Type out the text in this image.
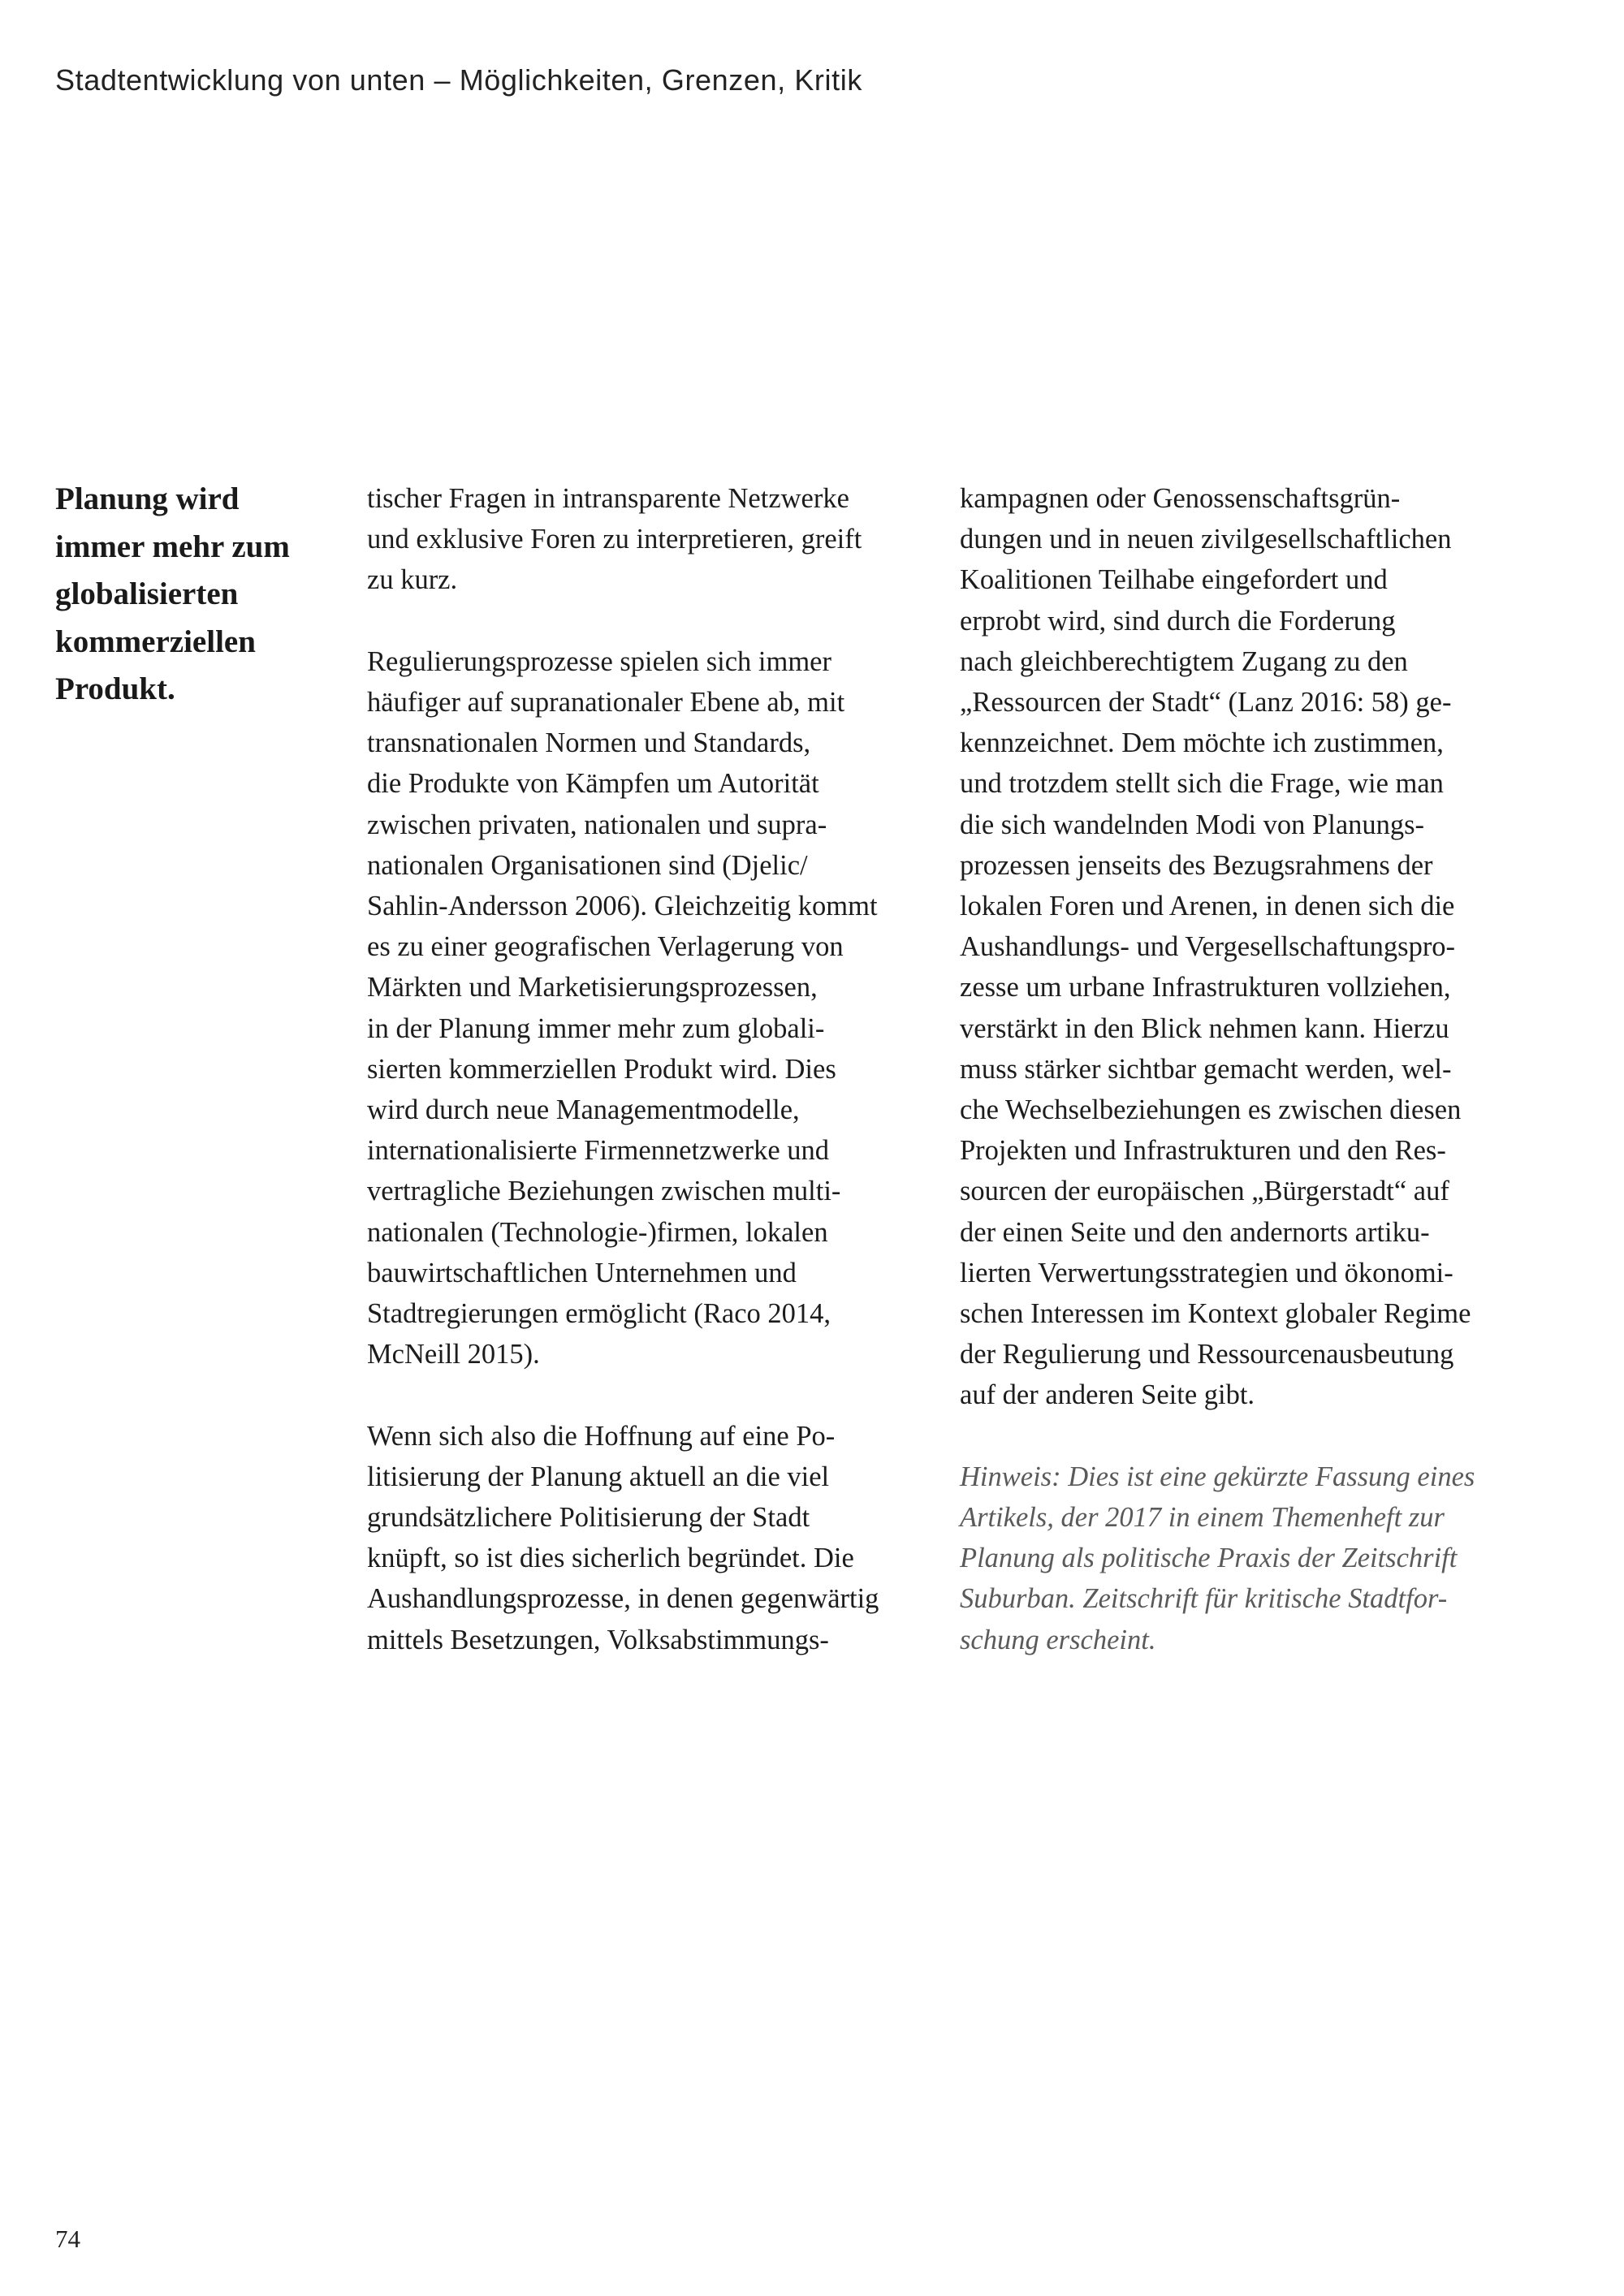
Stadtentwicklung von unten – Möglichkeiten, Grenzen, Kritik
Planung wird
immer mehr zum
globalisierten
kommerziellen
Produkt.
tischer Fragen in intransparente Netzwerke
und exklusive Foren zu interpretieren, greift
zu kurz.
Regulierungsprozesse spielen sich immer
häufiger auf supranationaler Ebene ab, mit
transnationalen Normen und Standards,
die Produkte von Kämpfen um Autorität
zwischen privaten, nationalen und supra-
nationalen Organisationen sind (Djelic/
Sahlin-Andersson 2006). Gleichzeitig kommt
es zu einer geografischen Verlagerung von
Märkten und Marketisierungsprozessen,
in der Planung immer mehr zum globali-
sierten kommerziellen Produkt wird. Dies
wird durch neue Managementmodelle,
internationalisierte Firmennetzwerke und
vertragliche Beziehungen zwischen multi-
nationalen (Technologie-)firmen, lokalen
bauwirtschaftlichen Unternehmen und
Stadtregierungen ermöglicht (Raco 2014,
McNeill 2015).
Wenn sich also die Hoffnung auf eine Po-
litisierung der Planung aktuell an die viel
grundsätzlichere Politisierung der Stadt
knüpft, so ist dies sicherlich begründet. Die
Aushandlungsprozesse, in denen gegenwärtig
mittels Besetzungen, Volksabstimmungs-
kampagnen oder Genossenschaftsgrün-
dungen und in neuen zivilgesellschaftlichen
Koalitionen Teilhabe eingefordert und
erprobt wird, sind durch die Forderung
nach gleichberechtigtem Zugang zu den
„Ressourcen der Stadt“ (Lanz 2016: 58) ge-
kennzeichnet. Dem möchte ich zustimmen,
und trotzdem stellt sich die Frage, wie man
die sich wandelnden Modi von Planungs-
prozessen jenseits des Bezugsrahmens der
lokalen Foren und Arenen, in denen sich die
Aushandlungs- und Vergesellschaftungspro-
zesse um urbane Infrastrukturen vollziehen,
verstärkt in den Blick nehmen kann. Hierzu
muss stärker sichtbar gemacht werden, wel-
che Wechselbeziehungen es zwischen diesen
Projekten und Infrastrukturen und den Res-
sourcen der europäischen „Bürgerstadt“ auf
der einen Seite und den andernorts artiku-
lierten Verwertungsstrategien und ökonomi-
schen Interessen im Kontext globaler Regime
der Regulierung und Ressourcenausbeutung
auf der anderen Seite gibt.
Hinweis: Dies ist eine gekürzte Fassung eines
Artikels, der 2017 in einem Themenheft zur
Planung als politische Praxis der Zeitschrift
Suburban. Zeitschrift für kritische Stadtfor-
schung erscheint.
74
